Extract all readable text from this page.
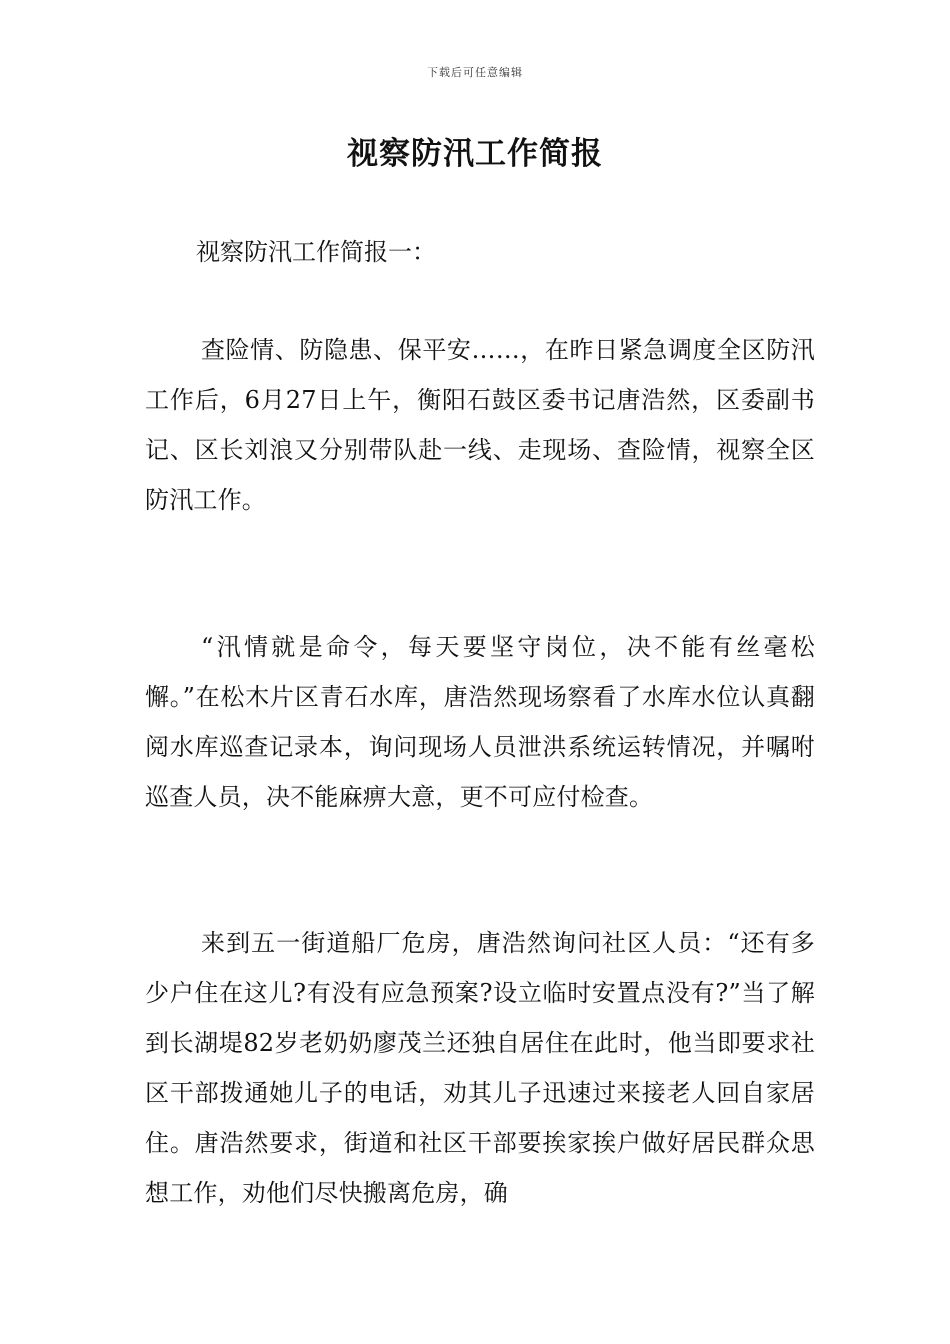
下载后可任意编辑
视察防汛工作简报

视察防汛工作简报一：

查险情、防隐患、保平安……，在昨日紧急调度全区防汛工作后，6月27日上午，衡阳石鼓区委书记唐浩然，区委副书记、区长刘浪又分别带队赴一线、走现场、查险情，视察全区防汛工作。

“汛情就是命令，每天要坚守岗位，决不能有丝毫松懈。”在松木片区青石水库，唐浩然现场察看了水库水位认真翻阅水库巡查记录本，询问现场人员泄洪系统运转情况，并嘱咐巡查人员，决不能麻痹大意，更不可应付检查。

来到五一街道船厂危房，唐浩然询问社区人员：“还有多少户住在这儿?有没有应急预案?设立临时安置点没有?”当了解到长湖堤82岁老奶奶廖茂兰还独自居住在此时，他当即要求社区干部拨通她儿子的电话，劝其儿子迅速过来接老人回自家居住。唐浩然要求，街道和社区干部要挨家挨户做好居民群众思想工作，劝他们尽快搬离危房，确
